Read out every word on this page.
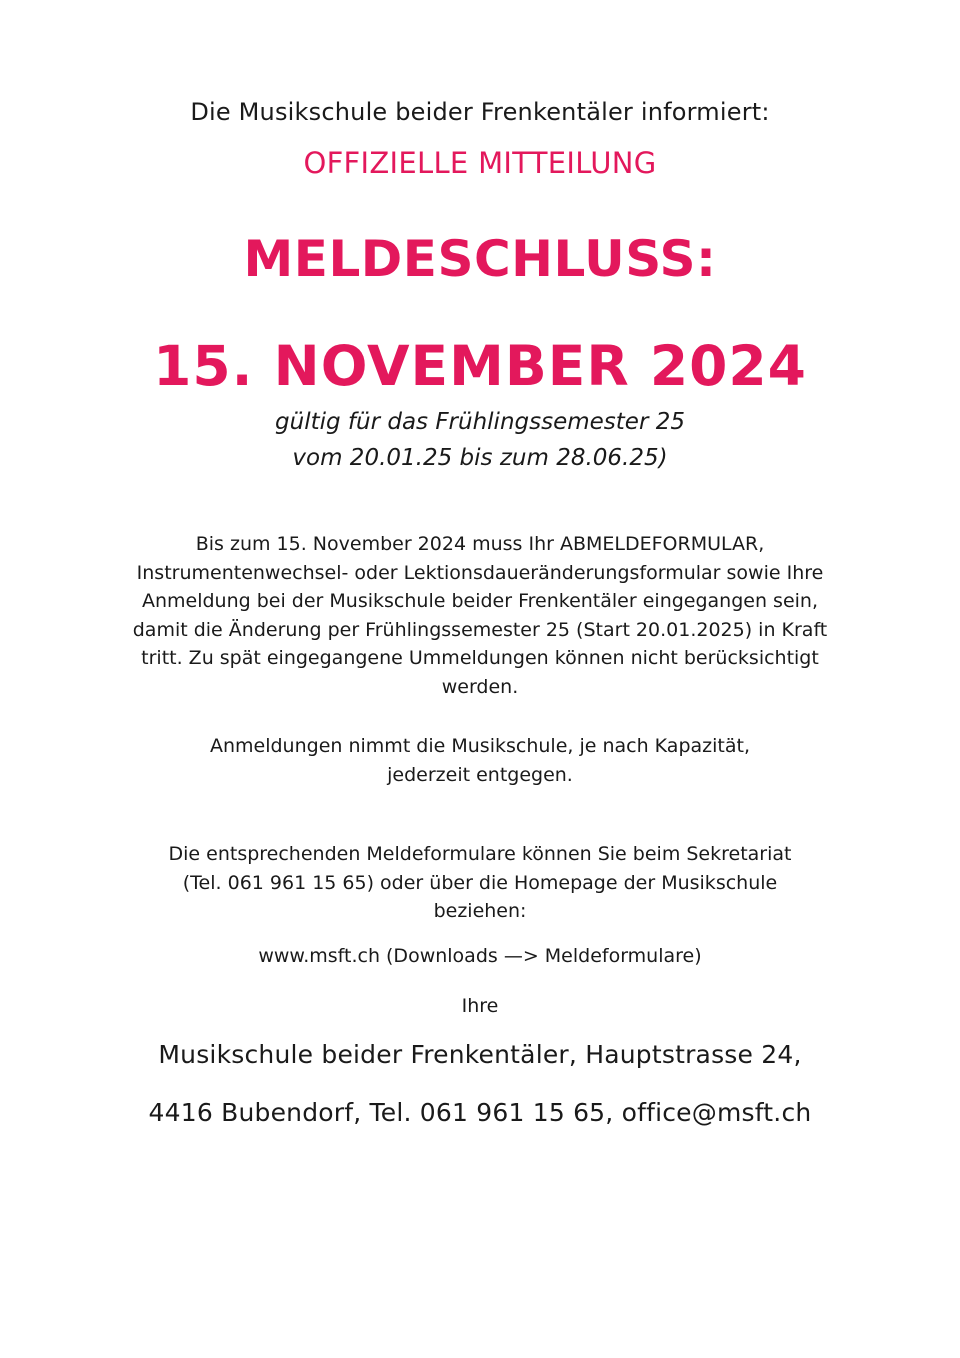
Die Musikschule beider Frenkentäler informiert:
OFFIZIELLE MITTEILUNG
MELDESCHLUSS:
15. NOVEMBER 2024
gültig für das Frühlingssemester 25
vom 20.01.25 bis zum 28.06.25)
Bis zum 15. November 2024 muss Ihr ABMELDEFORMULAR,
Instrumentenwechsel- oder Lektionsdaueränderungsformular sowie Ihre
Anmeldung bei der Musikschule beider Frenkentäler eingegangen sein,
damit die Änderung per Frühlingssemester 25 (Start 20.01.2025) in Kraft
tritt. Zu spät eingegangene Ummeldungen können nicht berücksichtigt
werden.
Anmeldungen nimmt die Musikschule, je nach Kapazität,
jederzeit entgegen.
Die entsprechenden Meldeformulare können Sie beim Sekretariat
(Tel. 061 961 15 65) oder über die Homepage der Musikschule
beziehen:
www.msft.ch (Downloads —> Meldeformulare)
Ihre
Musikschule beider Frenkentäler, Hauptstrasse 24,
4416 Bubendorf, Tel. 061 961 15 65, office@msft.ch
